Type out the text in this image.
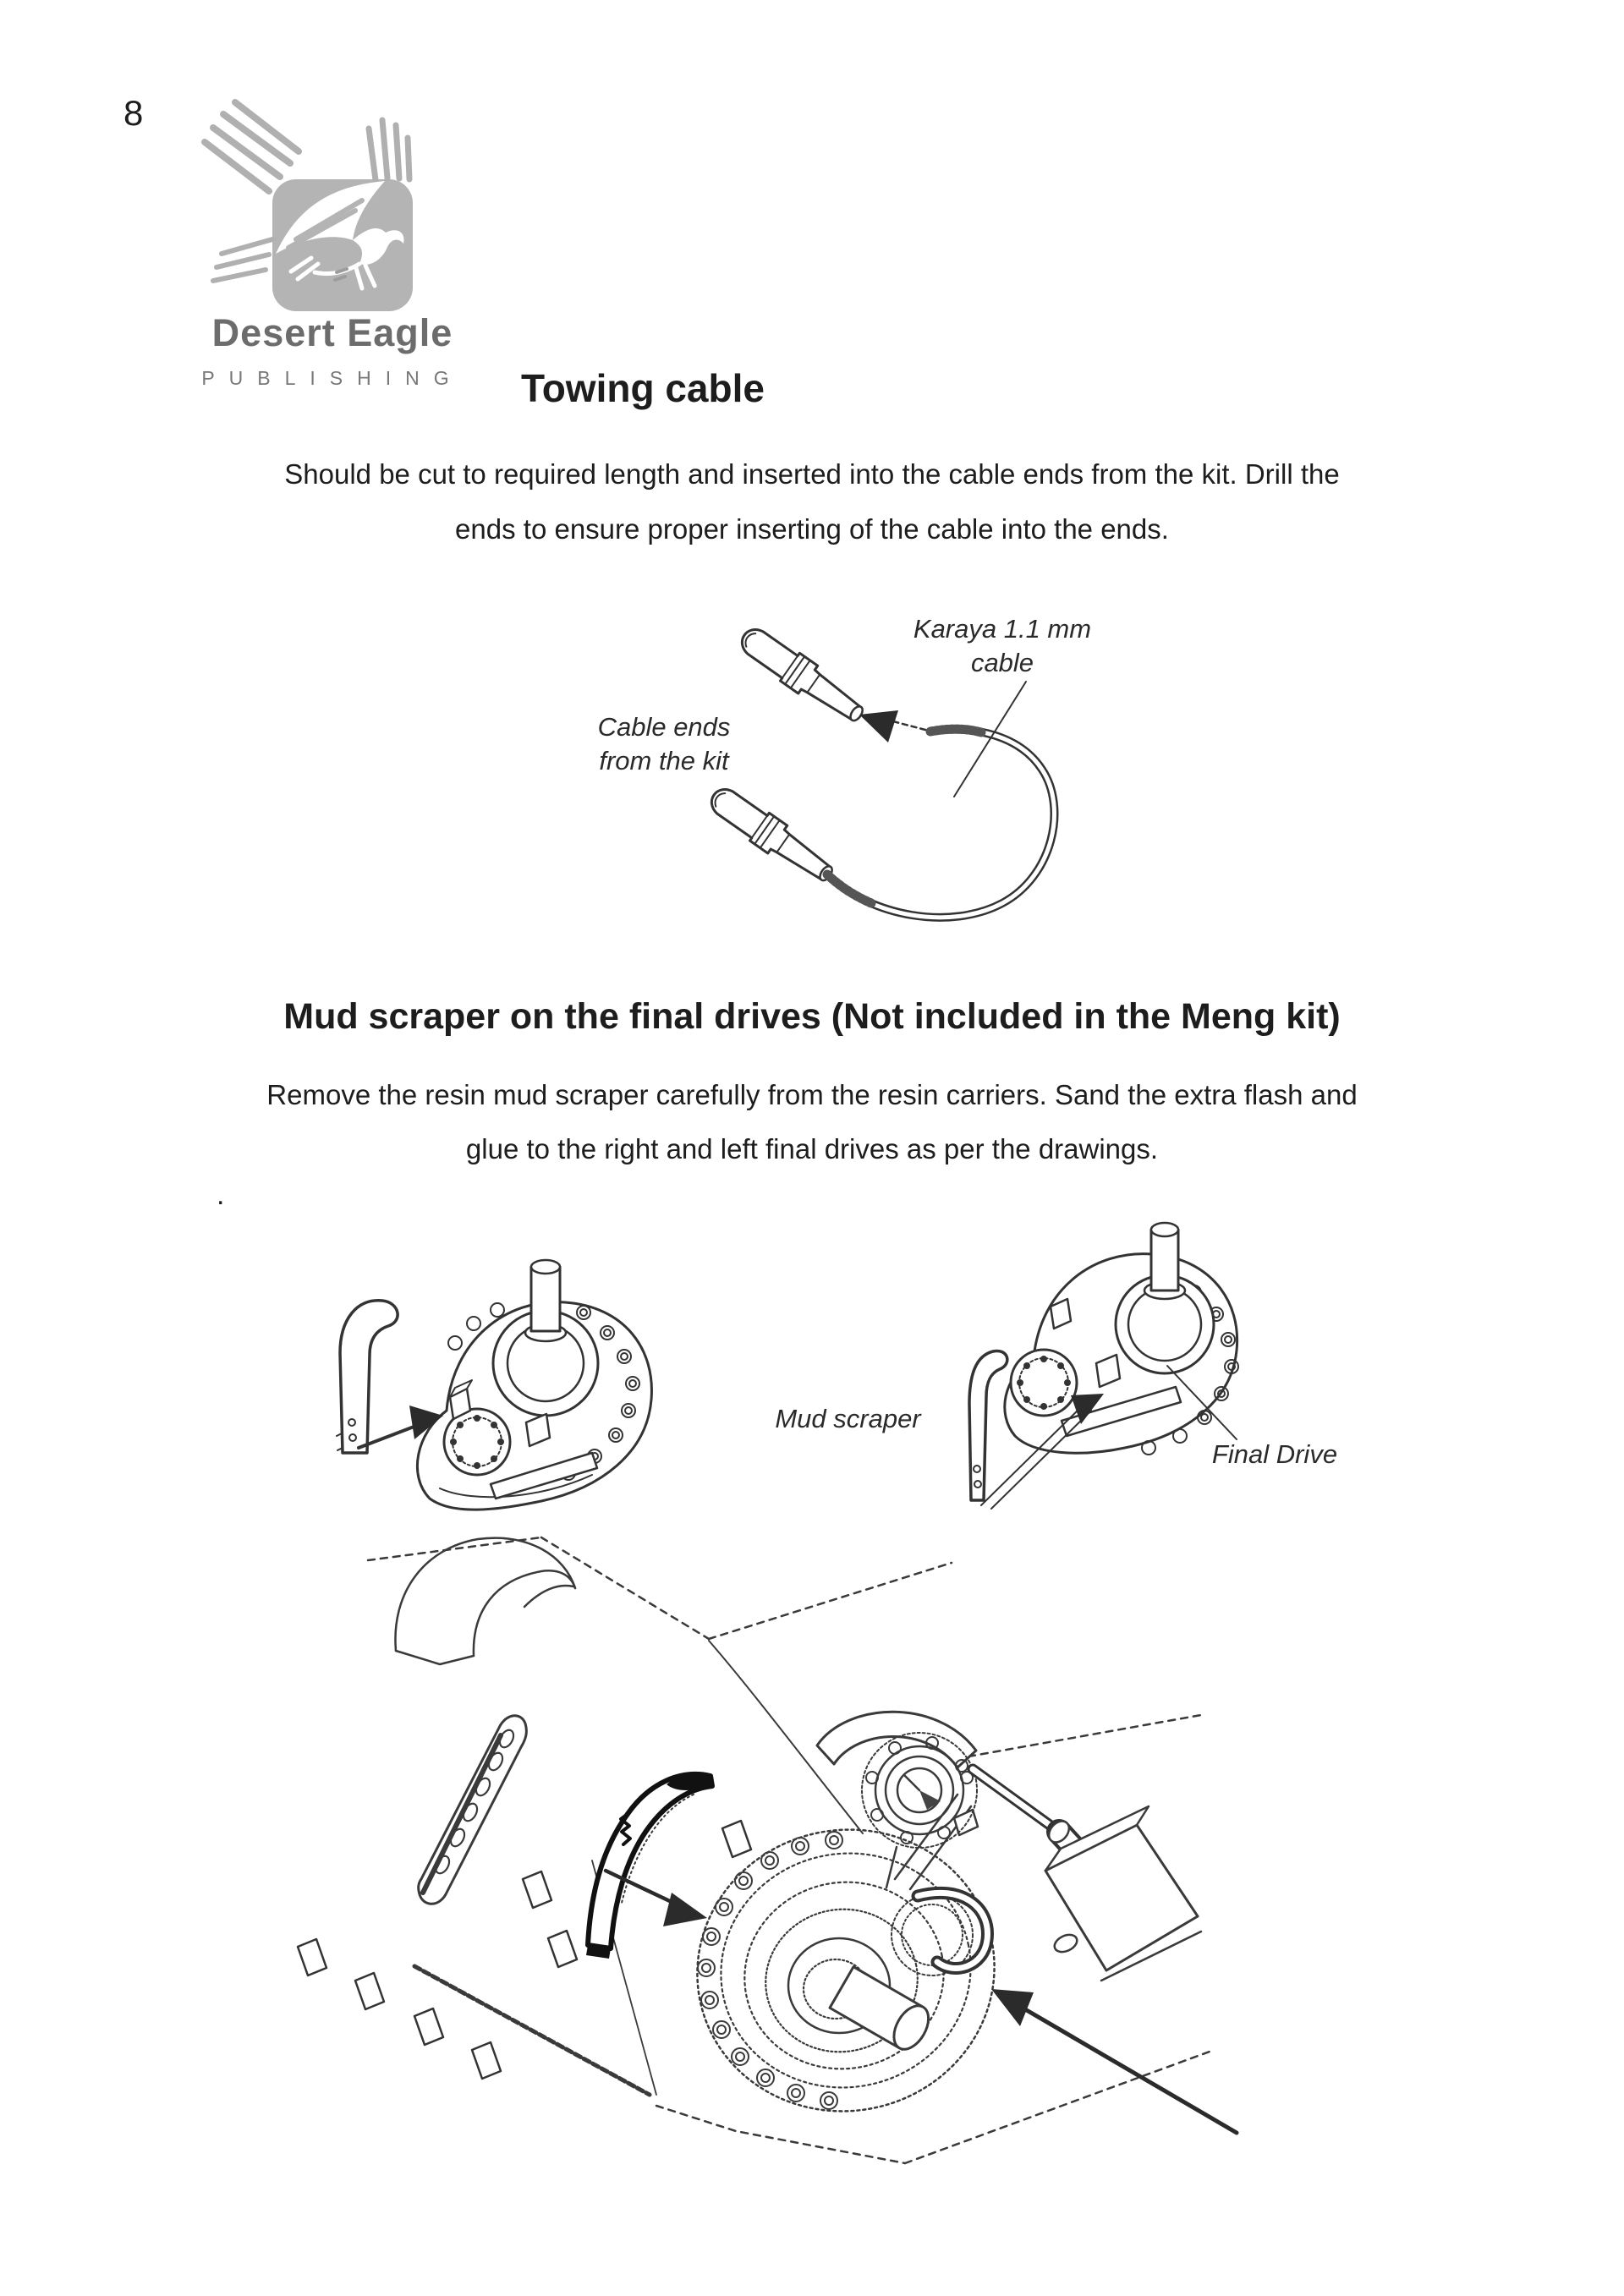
8
Desert Eagle
PUBLISHING	Towing cable
Should be cut to required length and inserted into the cable ends from the kit. Drill the
ends to ensure proper inserting of the cable into the ends.
Karaya 1.1 mm
cable
Cable ends
from the kit
Mud scraper on the final drives (Not included in the Meng kit)
Remove the resin mud scraper carefully from the resin carriers. Sand the extra flash and
glue to the right and left final drives as per the drawings.
.
Mud scraper
Final Drive
